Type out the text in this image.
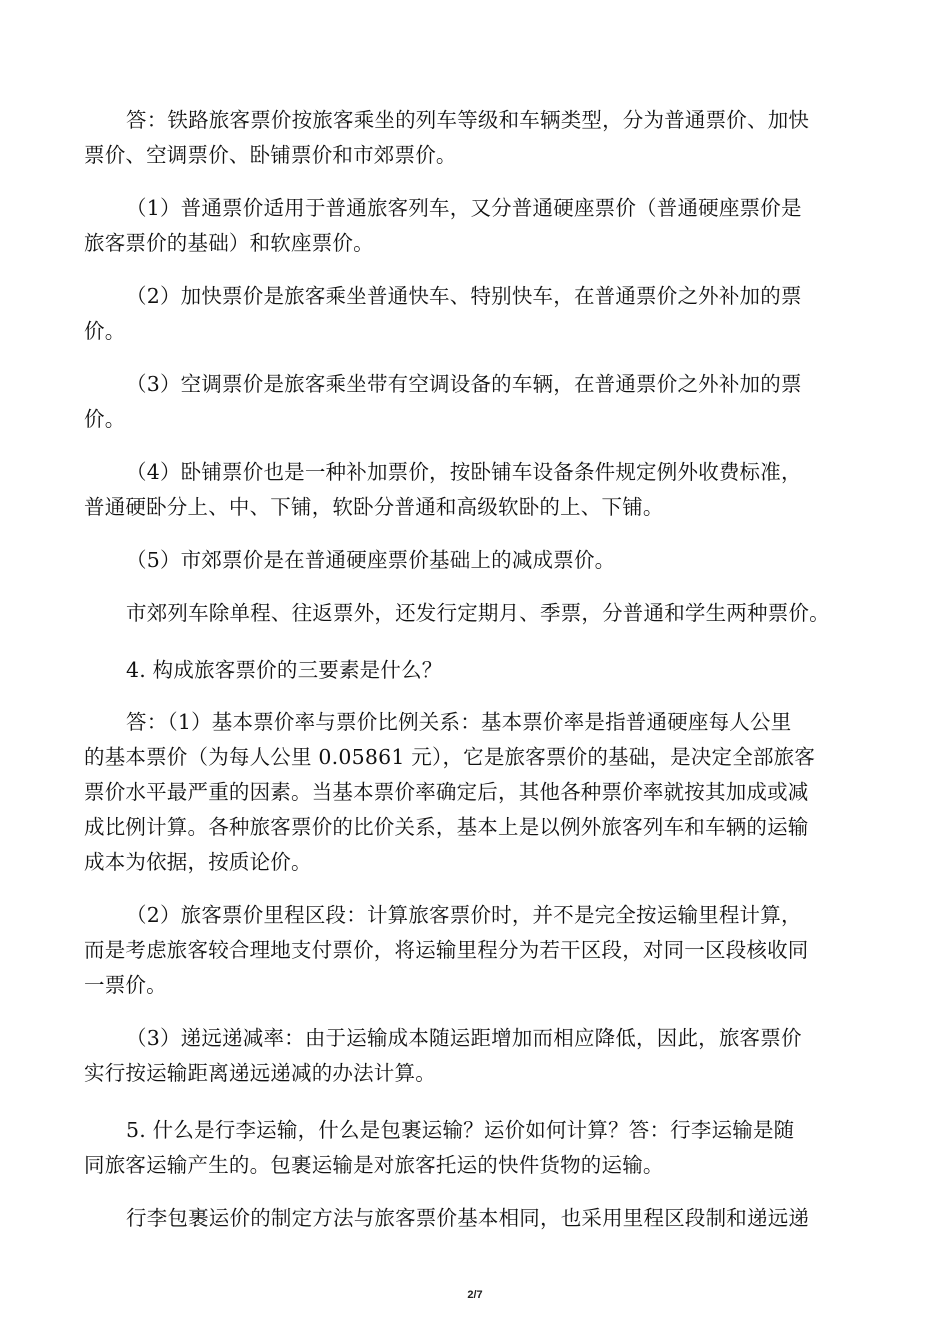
答：铁路旅客票价按旅客乘坐的列车等级和车辆类型，分为普通票价、加快
票价、空调票价、卧铺票价和市郊票价。
（1）普通票价适用于普通旅客列车，又分普通硬座票价（普通硬座票价是
旅客票价的基础）和软座票价。
（2）加快票价是旅客乘坐普通快车、特别快车，在普通票价之外补加的票
价。
（3）空调票价是旅客乘坐带有空调设备的车辆，在普通票价之外补加的票
价。
（4）卧铺票价也是一种补加票价，按卧铺车设备条件规定例外收费标准，
普通硬卧分上、中、下铺，软卧分普通和高级软卧的上、下铺。
（5）市郊票价是在普通硬座票价基础上的减成票价。
市郊列车除单程、往返票外，还发行定期月、季票，分普通和学生两种票价。
4. 构成旅客票价的三要素是什么？
答：（1）基本票价率与票价比例关系：基本票价率是指普通硬座每人公里
的基本票价（为每人公里 0.05861 元），它是旅客票价的基础，是决定全部旅客
票价水平最严重的因素。当基本票价率确定后，其他各种票价率就按其加成或减
成比例计算。各种旅客票价的比价关系，基本上是以例外旅客列车和车辆的运输
成本为依据，按质论价。
（2）旅客票价里程区段：计算旅客票价时，并不是完全按运输里程计算，
而是考虑旅客较合理地支付票价，将运输里程分为若干区段，对同一区段核收同
一票价。
（3）递远递减率：由于运输成本随运距增加而相应降低，因此，旅客票价
实行按运输距离递远递减的办法计算。
5. 什么是行李运输，什么是包裹运输？运价如何计算？答：行李运输是随
同旅客运输产生的。包裹运输是对旅客托运的快件货物的运输。
行李包裹运价的制定方法与旅客票价基本相同，也采用里程区段制和递远递
2/7
